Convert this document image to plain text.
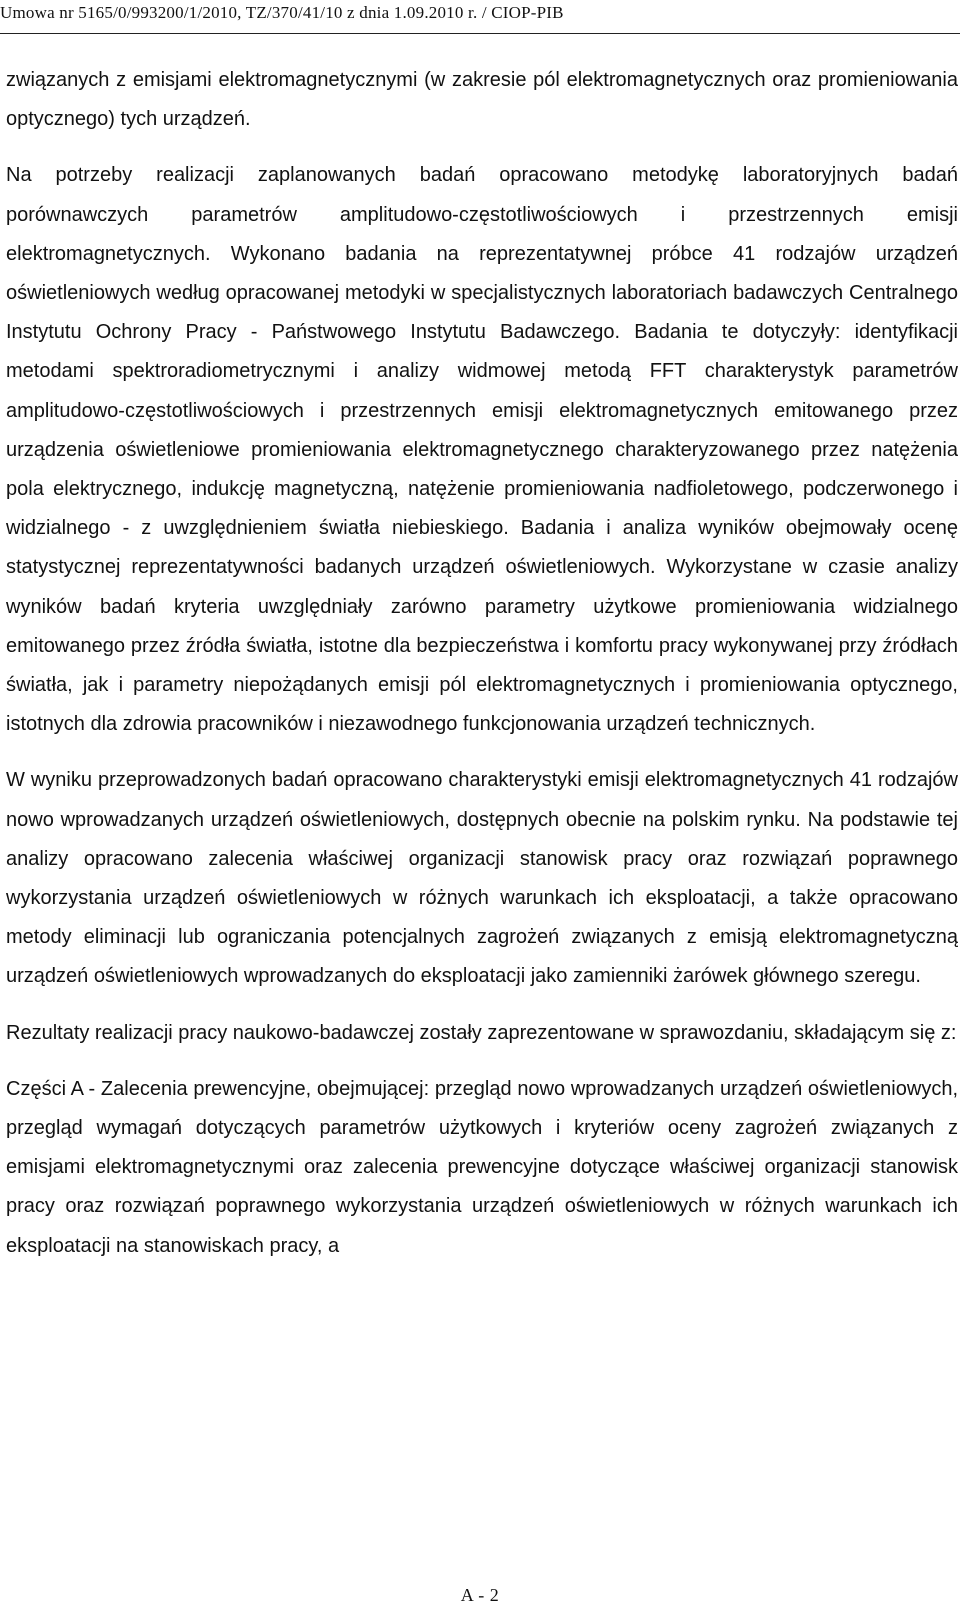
Umowa nr 5165/0/993200/1/2010, TZ/370/41/10 z dnia 1.09.2010 r. / CIOP-PIB

związanych z emisjami elektromagnetycznymi (w zakresie pól elektromagnetycznych oraz promieniowania optycznego) tych urządzeń.

Na potrzeby realizacji zaplanowanych badań opracowano metodykę laboratoryjnych badań porównawczych parametrów amplitudowo-częstotliwościowych i przestrzennych emisji elektromagnetycznych. Wykonano badania na reprezentatywnej próbce 41 rodzajów urządzeń oświetleniowych według opracowanej metodyki w specjalistycznych laboratoriach badawczych Centralnego Instytutu Ochrony Pracy - Państwowego Instytutu Badawczego. Badania te dotyczyły: identyfikacji metodami spektroradiometrycznymi i analizy widmowej metodą FFT charakterystyk parametrów amplitudowo-częstotliwościowych i przestrzennych emisji elektromagnetycznych emitowanego przez urządzenia oświetleniowe promieniowania elektromagnetycznego charakteryzowanego przez natężenia pola elektrycznego, indukcję magnetyczną, natężenie promieniowania nadfioletowego, podczerwonego i widzialnego - z uwzględnieniem światła niebieskiego. Badania i analiza wyników obejmowały ocenę statystycznej reprezentatywności badanych urządzeń oświetleniowych. Wykorzystane w czasie analizy wyników badań kryteria uwzględniały zarówno parametry użytkowe promieniowania widzialnego emitowanego przez źródła światła, istotne dla bezpieczeństwa i komfortu pracy wykonywanej przy źródłach światła, jak i parametry niepożądanych emisji pól elektromagnetycznych i promieniowania optycznego, istotnych dla zdrowia pracowników i niezawodnego funkcjonowania urządzeń technicznych.

W wyniku przeprowadzonych badań opracowano charakterystyki emisji elektromagnetycznych 41 rodzajów nowo wprowadzanych urządzeń oświetleniowych, dostępnych obecnie na polskim rynku. Na podstawie tej analizy opracowano zalecenia właściwej organizacji stanowisk pracy oraz rozwiązań poprawnego wykorzystania urządzeń oświetleniowych w różnych warunkach ich eksploatacji, a także opracowano metody eliminacji lub ograniczania potencjalnych zagrożeń związanych z emisją elektromagnetyczną urządzeń oświetleniowych wprowadzanych do eksploatacji jako zamienniki żarówek głównego szeregu.

Rezultaty realizacji pracy naukowo-badawczej zostały zaprezentowane w sprawozdaniu, składającym się z:

Części A - Zalecenia prewencyjne, obejmującej: przegląd nowo wprowadzanych urządzeń oświetleniowych, przegląd wymagań dotyczących parametrów użytkowych i kryteriów oceny zagrożeń związanych z emisjami elektromagnetycznymi oraz zalecenia prewencyjne dotyczące właściwej organizacji stanowisk pracy oraz rozwiązań poprawnego wykorzystania urządzeń oświetleniowych w różnych warunkach ich eksploatacji na stanowiskach pracy, a

A - 2
